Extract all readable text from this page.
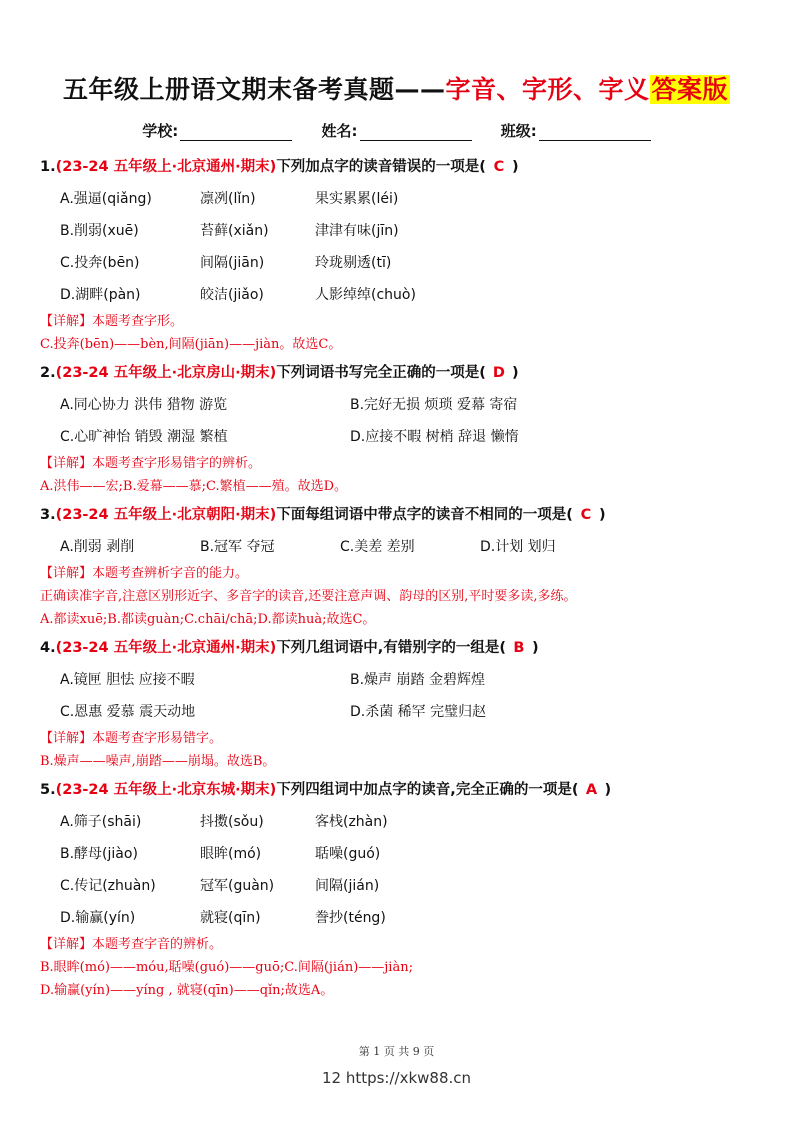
五年级上册语文期末备考真题——字音、字形、字义答案版
学校:	姓名:	班级:
1.(23-24 五年级上·北京通州·期末)下列加点字的读音错误的一项是( C )
A.强逼(qiǎng)	凛冽(lǐn)	果实累累(léi)
B.削弱(xuē)	苔藓(xiǎn)	津津有味(jīn)
C.投奔(bēn)	间隔(jiān)	玲珑剔透(tī)
D.湖畔(pàn)	皎洁(jiǎo)	人影绰绰(chuò)
【详解】本题考查字形。
C.投奔(bēn)——bèn,间隔(jiān)——jiàn。故选C。
2.(23-24 五年级上·北京房山·期末)下列词语书写完全正确的一项是( D )
A.同心协力 洪伟 猎物 游览	B.完好无损 烦琐 爱幕 寄宿
C.心旷神怡 销毁 潮湿 繁植	D.应接不暇 树梢 辞退 懒惰
【详解】本题考查字形易错字的辨析。
A.洪伟——宏;B.爱幕——慕;C.繁植——殖。故选D。
3.(23-24 五年级上·北京朝阳·期末)下面每组词语中带点字的读音不相同的一项是( C )
A.削弱 剥削	B.冠军 夺冠	C.美差 差别	D.计划 划归
【详解】本题考查辨析字音的能力。
正确读准字音,注意区别形近字、多音字的读音,还要注意声调、韵母的区别,平时要多读,多练。
A.都读xuē;B.都读guàn;C.chāi/chā;D.都读huà;故选C。
4.(23-24 五年级上·北京通州·期末)下列几组词语中,有错别字的一组是( B )
A.镜匣 胆怯 应接不暇	B.燥声 崩踏 金碧辉煌
C.恩惠 爱慕 震天动地	D.杀菌 稀罕 完璧归赵
【详解】本题考查字形易错字。
B.燥声——噪声,崩踏——崩塌。故选B。
5.(23-24 五年级上·北京东城·期末)下列四组词中加点字的读音,完全正确的一项是( A )
A.筛子(shāi)	抖擞(sǒu)	客栈(zhàn)
B.酵母(jiào)	眼眸(mó)	聒噪(guó)
C.传记(zhuàn)	冠军(guàn)	间隔(jián)
D.输赢(yín)	就寝(qīn)	誊抄(téng)
【详解】本题考查字音的辨析。
B.眼眸(mó)——móu,聒噪(guó)——guō;C.间隔(jián)——jiàn;
D.输赢(yín)——yíng , 就寝(qīn)——qǐn;故选A。
第 1 页 共 9 页
12 https://xkw88.cn
